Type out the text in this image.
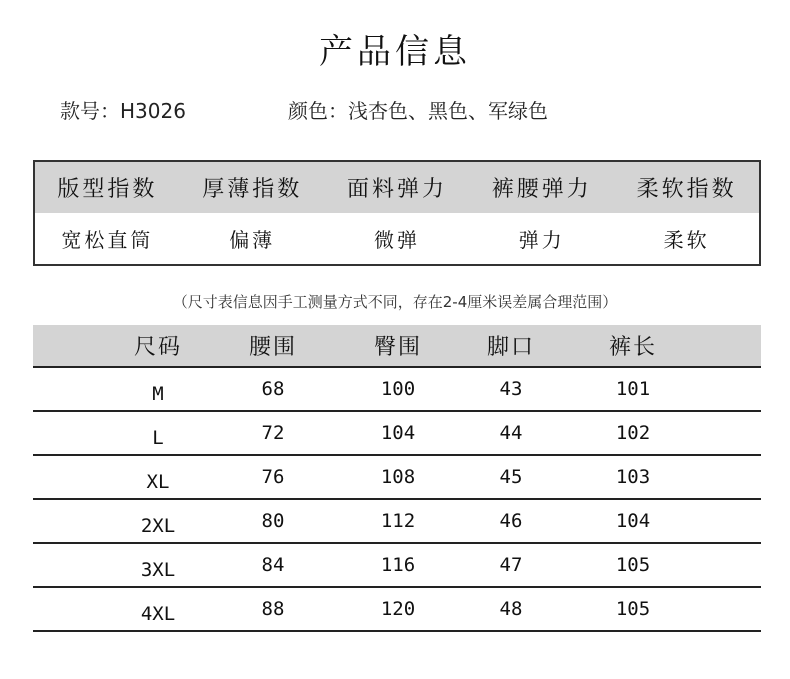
产品信息
款号：H3026	颜色：浅杏色、黑色、军绿色
版型指数	厚薄指数	面料弹力	裤腰弹力	柔软指数
宽松直筒	偏薄	微弹	弹力	柔软
（尺寸表信息因手工测量方式不同，存在2-4厘米误差属合理范围）
尺码	腰围	臀围	脚口	裤长
M	68	100	43	101
L	72	104	44	102
XL	76	108	45	103
2XL	80	112	46	104
3XL	84	116	47	105
4XL	88	120	48	105
